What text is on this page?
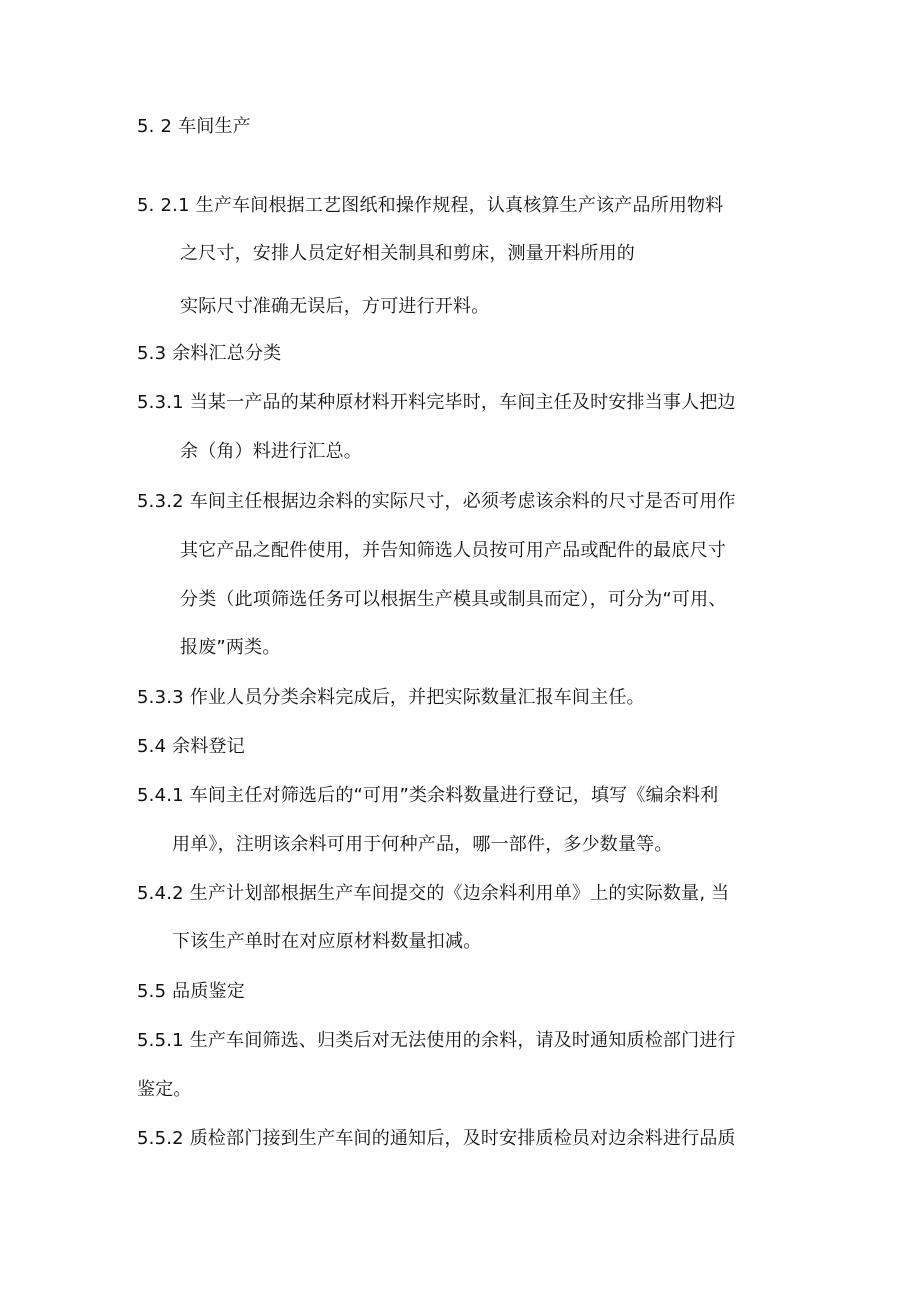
5. 2 车间生产
5. 2.1 生产车间根据工艺图纸和操作规程，认真核算生产该产品所用物料
之尺寸，安排人员定好相关制具和剪床，测量开料所用的
实际尺寸准确无误后，方可进行开料。
5.3 余料汇总分类
5.3.1 当某一产品的某种原材料开料完毕时，车间主任及时安排当事人把边
余（角）料进行汇总。
5.3.2 车间主任根据边余料的实际尺寸，必须考虑该余料的尺寸是否可用作
其它产品之配件使用，并告知筛选人员按可用产品或配件的最底尺寸
分类（此项筛选任务可以根据生产模具或制具而定），可分为“可用、
报废”两类。
5.3.3 作业人员分类余料完成后，并把实际数量汇报车间主任。
5.4 余料登记
5.4.1 车间主任对筛选后的“可用”类余料数量进行登记，填写《编余料利
用单》，注明该余料可用于何种产品，哪一部件，多少数量等。
5.4.2 生产计划部根据生产车间提交的《边余料利用单》上的实际数量, 当
下该生产单时在对应原材料数量扣减。
5.5 品质鉴定
5.5.1 生产车间筛选、归类后对无法使用的余料，请及时通知质检部门进行
鉴定。
5.5.2 质检部门接到生产车间的通知后，及时安排质检员对边余料进行品质
